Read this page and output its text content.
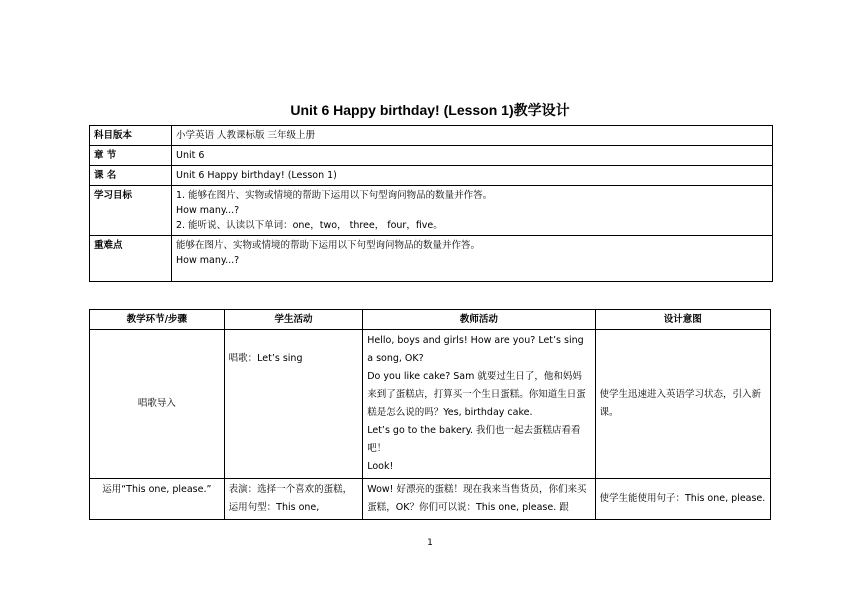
Unit 6 Happy birthday! (Lesson 1)教学设计
科目版本	小学英语 人教课标版 三年级上册
章 节	Unit 6
课 名	Unit 6 Happy birthday! (Lesson 1)
学习目标	1. 能够在图片、实物或情境的帮助下运用以下句型询问物品的数量并作答。
How many...?
2. 能听说、认读以下单词：one，two， three， four，five。

重难点	能够在图片、实物或情境的帮助下运用以下句型询问物品的数量并作答。
How many...?
教学环节/步骤	学生活动	教师活动	设计意图
唱歌导入	唱歌：Let’s sing	Hello, boys and girls! How are you? Let’s sing a song, OK?
Do you like cake? Sam 就要过生日了，他和妈妈来到了蛋糕店，打算买一个生日蛋糕。你知道生日蛋糕是怎么说的吗？Yes, birthday cake.
Let’s go to the bakery. 我们也一起去蛋糕店看看吧！
Look!	使学生迅速进入英语学习状态，引入新课。
运用“This one, please.”	表演：选择一个喜欢的蛋糕，运用句型：This one,	Wow! 好漂亮的蛋糕！现在我来当售货员，你们来买蛋糕，OK？你们可以说：This one, please. 跟	使学生能使用句子：This one, please.
1
